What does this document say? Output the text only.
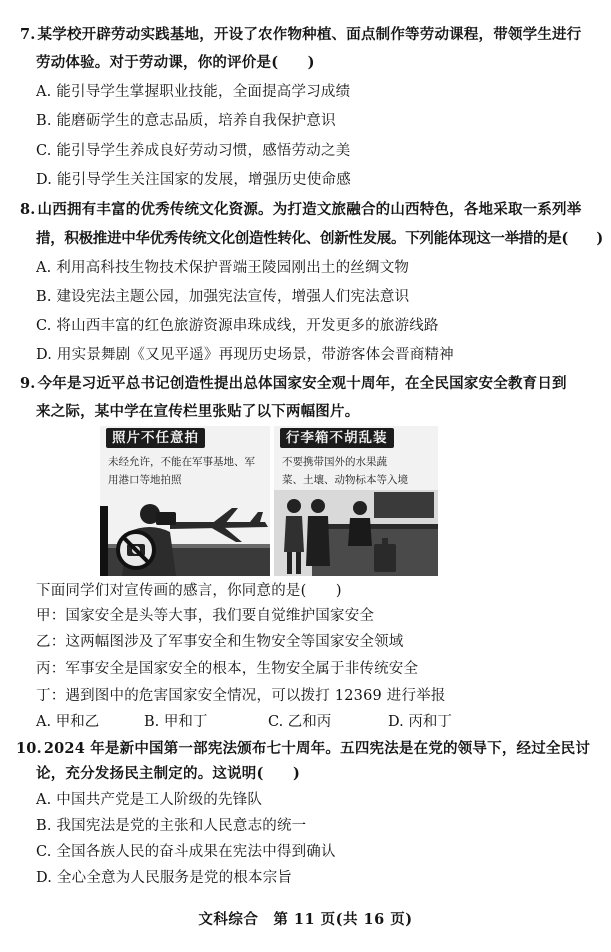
7. 某学校开辟劳动实践基地，开设了农作物种植、面点制作等劳动课程，带领学生进行
劳动体验。对于劳动课，你的评价是(　　)
A. 能引导学生掌握职业技能，全面提高学习成绩
B. 能磨砺学生的意志品质，培养自我保护意识
C. 能引导学生养成良好劳动习惯，感悟劳动之美
D. 能引导学生关注国家的发展，增强历史使命感
8. 山西拥有丰富的优秀传统文化资源。为打造文旅融合的山西特色，各地采取一系列举
措，积极推进中华优秀传统文化创造性转化、创新性发展。下列能体现这一举措的是(　　)
A. 利用高科技生物技术保护晋端王陵园刚出土的丝绸文物
B. 建设宪法主题公园，加强宪法宣传，增强人们宪法意识
C. 将山西丰富的红色旅游资源串珠成线，开发更多的旅游线路
D. 用实景舞剧《又见平遥》再现历史场景，带游客体会晋商精神
9. 今年是习近平总书记创造性提出总体国家安全观十周年，在全民国家安全教育日到
来之际，某中学在宣传栏里张贴了以下两幅图片。
照片不任意拍
未经允许，不能在军事基地、军
用港口等地拍照
行李箱不胡乱装
不要携带国外的水果蔬
菜、土壤、动物标本等入境
下面同学们对宣传画的感言，你同意的是(　　)
甲：国家安全是头等大事，我们要自觉维护国家安全
乙：这两幅图涉及了军事安全和生物安全等国家安全领域
丙：军事安全是国家安全的根本，生物安全属于非传统安全
丁：遇到图中的危害国家安全情况，可以拨打 12369 进行举报
A. 甲和乙	B. 甲和丁	C. 乙和丙	D. 丙和丁
10. 2024 年是新中国第一部宪法颁布七十周年。五四宪法是在党的领导下，经过全民讨
论，充分发扬民主制定的。这说明(　　)
A. 中国共产党是工人阶级的先锋队
B. 我国宪法是党的主张和人民意志的统一
C. 全国各族人民的奋斗成果在宪法中得到确认
D. 全心全意为人民服务是党的根本宗旨
文科综合　第 11 页(共 16 页)
